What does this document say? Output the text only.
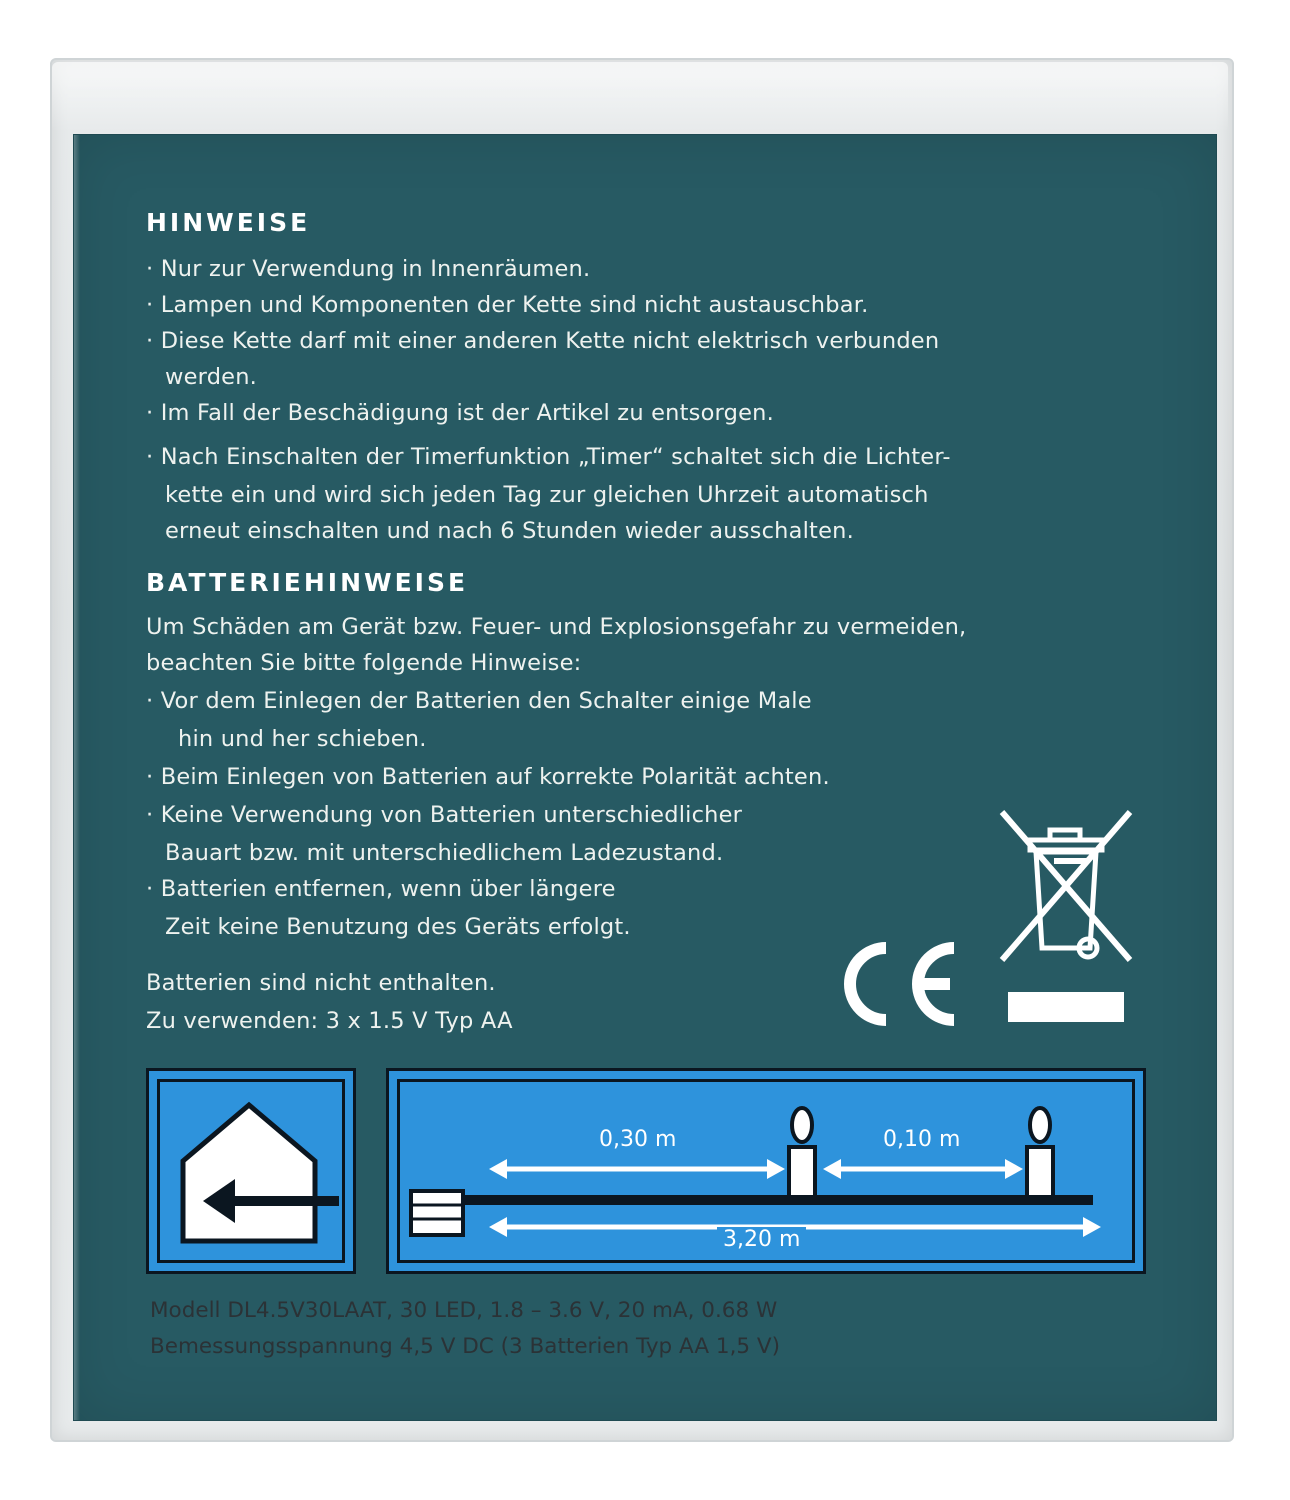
HINWEISE
· Nur zur Verwendung in Innenräumen.
· Lampen und Komponenten der Kette sind nicht austauschbar.
· Diese Kette darf mit einer anderen Kette nicht elektrisch verbunden
werden.
· Im Fall der Beschädigung ist der Artikel zu entsorgen.
· Nach Einschalten der Timerfunktion „Timer“ schaltet sich die Lichter-
kette ein und wird sich jeden Tag zur gleichen Uhrzeit automatisch
erneut einschalten und nach 6 Stunden wieder ausschalten.
BATTERIEHINWEISE
Um Schäden am Gerät bzw. Feuer- und Explosionsgefahr zu vermeiden,
beachten Sie bitte folgende Hinweise:
· Vor dem Einlegen der Batterien den Schalter einige Male
hin und her schieben.
· Beim Einlegen von Batterien auf korrekte Polarität achten.
· Keine Verwendung von Batterien unterschiedlicher
Bauart bzw. mit unterschiedlichem Ladezustand.
· Batterien entfernen, wenn über längere
Zeit keine Benutzung des Geräts erfolgt.
Batterien sind nicht enthalten.
Zu verwenden: 3 x 1.5 V Typ AA
0,30 m	0,10 m
3,20 m
Modell DL4.5V30LAAT, 30 LED, 1.8 – 3.6 V, 20 mA, 0.68 W
Bemessungsspannung 4,5 V DC (3 Batterien Typ AA 1,5 V)
